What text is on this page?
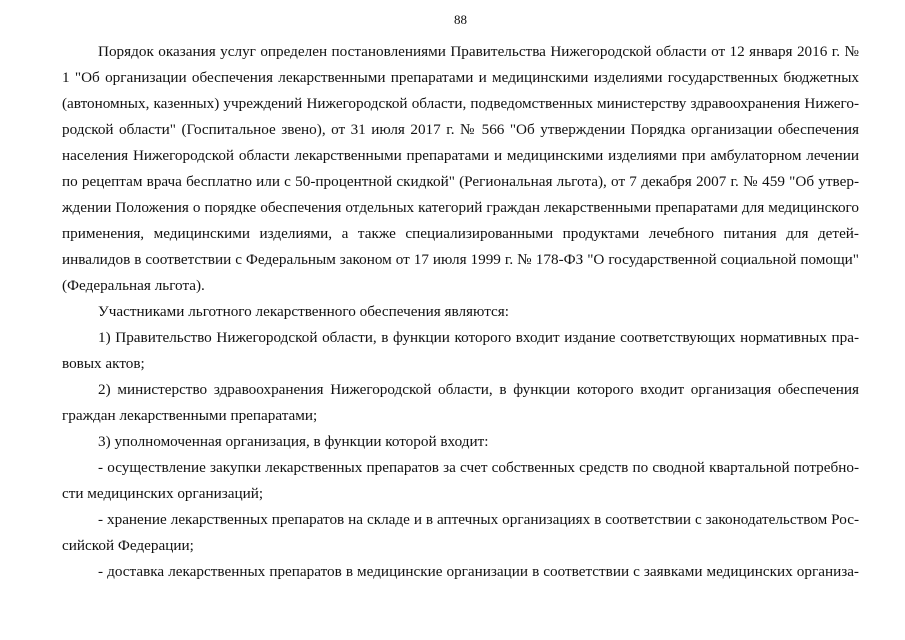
88

Порядок оказания услуг определен постановлениями Правительства Нижегородской области от 12 января 2016 г. № 1 "Об организации обеспечения лекарственными препаратами и медицинскими изделиями государственных бюджетных (автономных, казенных) учреждений Нижегородской области, подведомственных министерству здравоохранения Нижегородской области" (Госпитальное звено), от 31 июля 2017 г. № 566 "Об утверждении Порядка организации обеспечения населения Нижегородской области лекарственными препаратами и медицинскими изделиями при амбулаторном лечении по рецептам врача бесплатно или с 50-процентной скидкой" (Региональная льгота), от 7 декабря 2007 г. № 459 "Об утверждении Положения о порядке обеспечения отдельных категорий граждан лекарственными препаратами для медицинского применения, медицинскими изделиями, а также специализированными продуктами лечебного питания для детей-инвалидов в соответствии с Федеральным законом от 17 июля 1999 г. № 178-ФЗ "О государственной социальной помощи" (Федеральная льгота).

Участниками льготного лекарственного обеспечения являются:

1) Правительство Нижегородской области, в функции которого входит издание соответствующих нормативных правовых актов;

2) министерство здравоохранения Нижегородской области, в функции которого входит организация обеспечения граждан лекарственными препаратами;

3) уполномоченная организация, в функции которой входит:

- осуществление закупки лекарственных препаратов за счет собственных средств по сводной квартальной потребности медицинских организаций;

- хранение лекарственных препаратов на складе и в аптечных организациях в соответствии с законодательством Российской Федерации;

- доставка лекарственных препаратов в медицинские организации в соответствии с заявками медицинских организа-
